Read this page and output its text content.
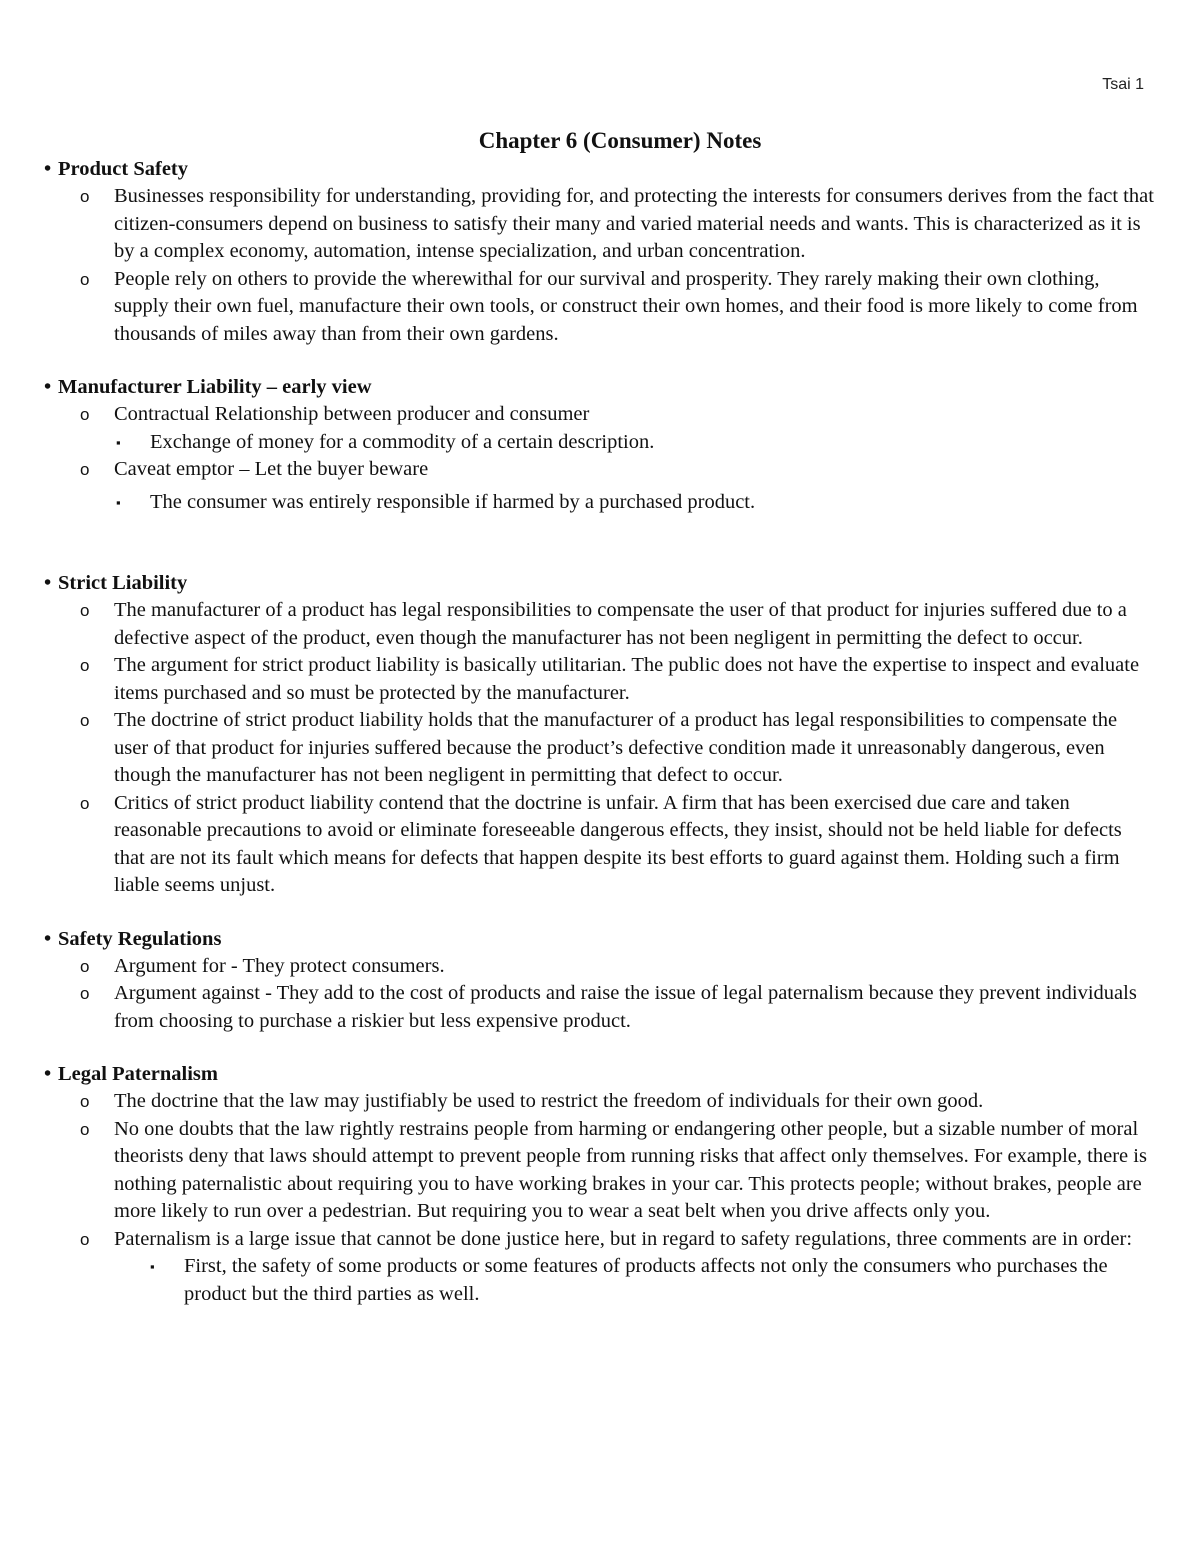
Tsai 1
Chapter 6 (Consumer) Notes
• Product Safety
o	Businesses responsibility for understanding, providing for, and protecting the interests for consumers derives from the fact that citizen-consumers depend on business to satisfy their many and varied material needs and wants. This is characterized as it is by a complex economy, automation, intense specialization, and urban concentration.
o	People rely on others to provide the wherewithal for our survival and prosperity. They rarely making their own clothing, supply their own fuel, manufacture their own tools, or construct their own homes, and their food is more likely to come from thousands of miles away than from their own gardens.
• Manufacturer Liability – early view
o	Contractual Relationship between producer and consumer
▪	Exchange of money for a commodity of a certain description.
o	Caveat emptor – Let the buyer beware
▪	The consumer was entirely responsible if harmed by a purchased product.
• Strict Liability
o	The manufacturer of a product has legal responsibilities to compensate the user of that product for injuries suffered due to a defective aspect of the product, even though the manufacturer has not been negligent in permitting the defect to occur.
o	The argument for strict product liability is basically utilitarian. The public does not have the expertise to inspect and evaluate items purchased and so must be protected by the manufacturer.
o	The doctrine of strict product liability holds that the manufacturer of a product has legal responsibilities to compensate the user of that product for injuries suffered because the product’s defective condition made it unreasonably dangerous, even though the manufacturer has not been negligent in permitting that defect to occur.
o	Critics of strict product liability contend that the doctrine is unfair. A firm that has been exercised due care and taken reasonable precautions to avoid or eliminate foreseeable dangerous effects, they insist, should not be held liable for defects that are not its fault which means for defects that happen despite its best efforts to guard against them. Holding such a firm liable seems unjust.
• Safety Regulations
o	Argument for - They protect consumers.
o	Argument against - They add to the cost of products and raise the issue of legal paternalism because they prevent individuals from choosing to purchase a riskier but less expensive product.
• Legal Paternalism
o	The doctrine that the law may justifiably be used to restrict the freedom of individuals for their own good.
o	No one doubts that the law rightly restrains people from harming or endangering other people, but a sizable number of moral theorists deny that laws should attempt to prevent people from running risks that affect only themselves. For example, there is nothing paternalistic about requiring you to have working brakes in your car. This protects people; without brakes, people are more likely to run over a pedestrian. But requiring you to wear a seat belt when you drive affects only you.
o	Paternalism is a large issue that cannot be done justice here, but in regard to safety regulations, three comments are in order:
▪	First, the safety of some products or some features of products affects not only the consumers who purchases the product but the third parties as well.
